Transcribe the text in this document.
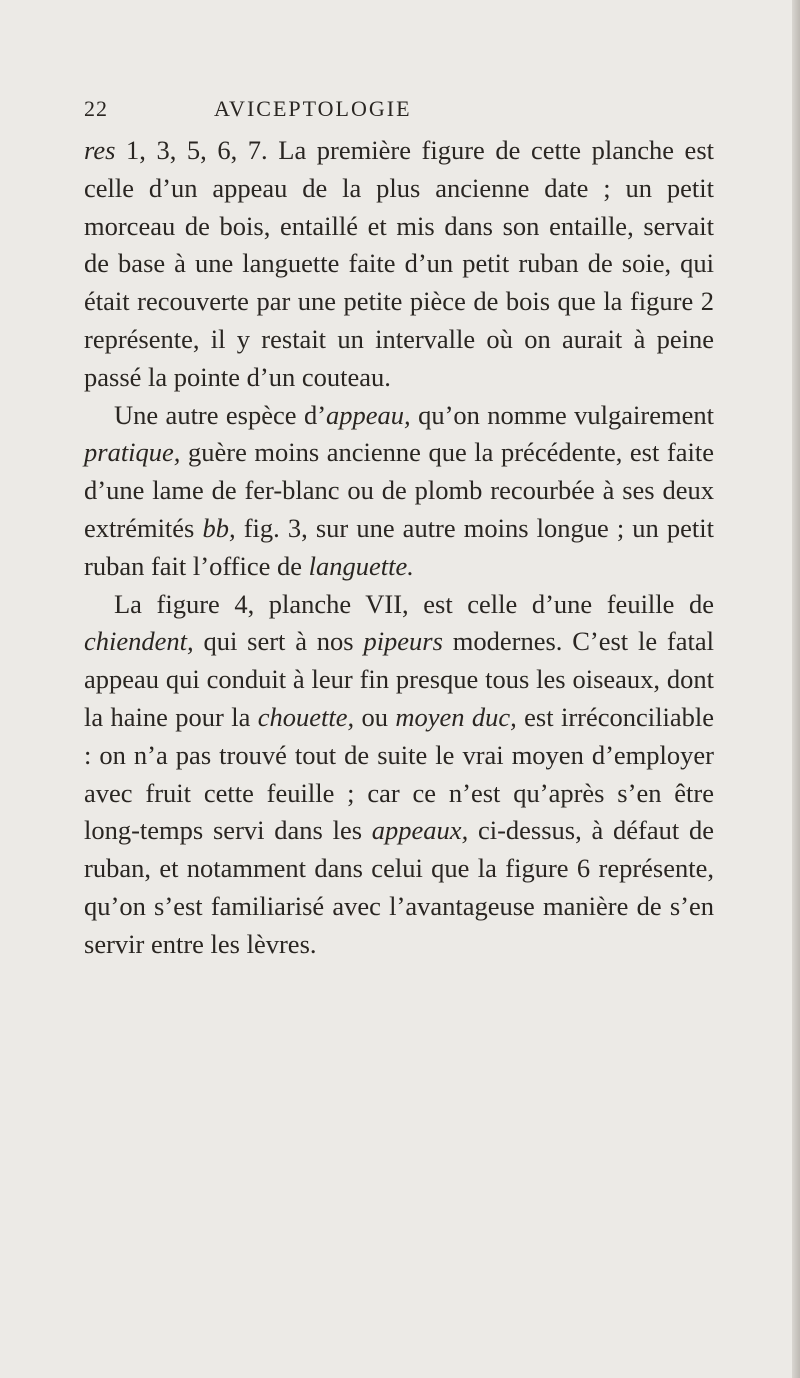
22	AVICEPTOLOGIE

res 1, 3, 5, 6, 7. La première figure de cette planche est celle d’un appeau de la plus ancienne date ; un petit morceau de bois, entaillé et mis dans son entaille, servait de base à une languette faite d’un petit ruban de soie, qui était recouverte par une petite pièce de bois que la figure 2 représente, il y restait un intervalle où on aurait à peine passé la pointe d’un couteau.

Une autre espèce d’appeau, qu’on nomme vulgairement pratique, guère moins ancienne que la précédente, est faite d’une lame de fer-blanc ou de plomb recourbée à ses deux extrémités bb, fig. 3, sur une autre moins longue ; un petit ruban fait l’office de languette.

La figure 4, planche VII, est celle d’une feuille de chiendent, qui sert à nos pipeurs modernes. C’est le fatal appeau qui conduit à leur fin presque tous les oiseaux, dont la haine pour la chouette, ou moyen duc, est irréconciliable : on n’a pas trouvé tout de suite le vrai moyen d’employer avec fruit cette feuille ; car ce n’est qu’après s’en être long-temps servi dans les appeaux, ci-dessus, à défaut de ruban, et notamment dans celui que la figure 6 représente, qu’on s’est familiarisé avec l’avantageuse manière de s’en servir entre les lèvres.
